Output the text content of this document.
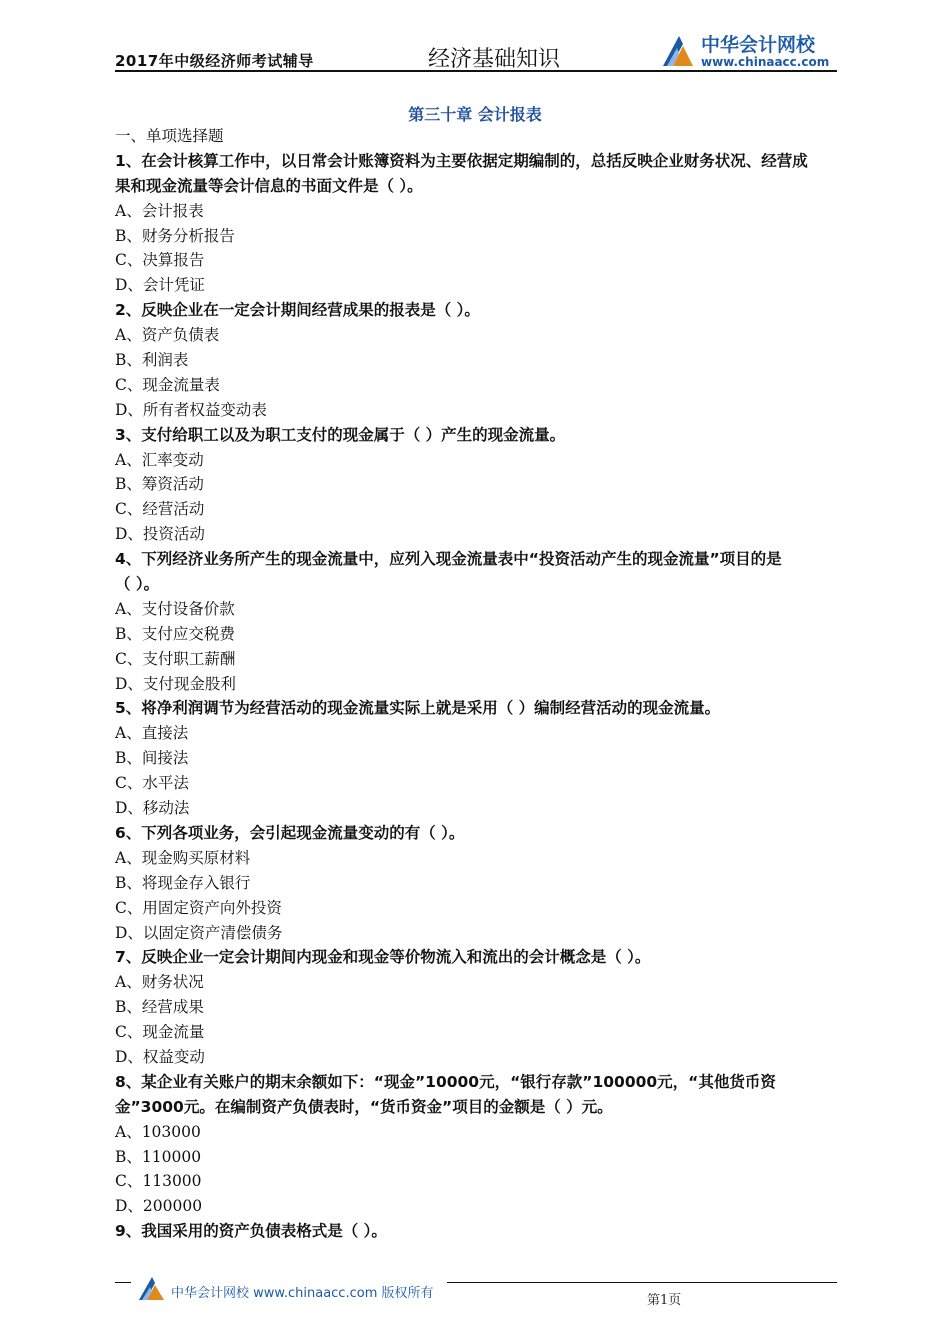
2017年中级经济师考试辅导	经济基础知识
中华会计网校
www.chinaacc.com
第三十章 会计报表
一、单项选择题
1、在会计核算工作中，以日常会计账簿资料为主要依据定期编制的，总括反映企业财务状况、经营成
果和现金流量等会计信息的书面文件是（ ）。
A、会计报表
B、财务分析报告
C、决算报告
D、会计凭证
2、反映企业在一定会计期间经营成果的报表是（ ）。
A、资产负债表
B、利润表
C、现金流量表
D、所有者权益变动表
3、支付给职工以及为职工支付的现金属于（ ）产生的现金流量。
A、汇率变动
B、筹资活动
C、经营活动
D、投资活动
4、下列经济业务所产生的现金流量中，应列入现金流量表中“投资活动产生的现金流量”项目的是
（ ）。
A、支付设备价款
B、支付应交税费
C、支付职工薪酬
D、支付现金股利
5、将净利润调节为经营活动的现金流量实际上就是采用（ ）编制经营活动的现金流量。
A、直接法
B、间接法
C、水平法
D、移动法
6、下列各项业务，会引起现金流量变动的有（ ）。
A、现金购买原材料
B、将现金存入银行
C、用固定资产向外投资
D、以固定资产清偿债务
7、反映企业一定会计期间内现金和现金等价物流入和流出的会计概念是（ ）。
A、财务状况
B、经营成果
C、现金流量
D、权益变动
8、某企业有关账户的期末余额如下：“现金”10000元，“银行存款”100000元，“其他货币资
金”3000元。在编制资产负债表时，“货币资金”项目的金额是（ ）元。
A、103000
B、110000
C、113000
D、200000
9、我国采用的资产负债表格式是（ ）。
中华会计网校 www.chinaacc.com 版权所有	第1页
